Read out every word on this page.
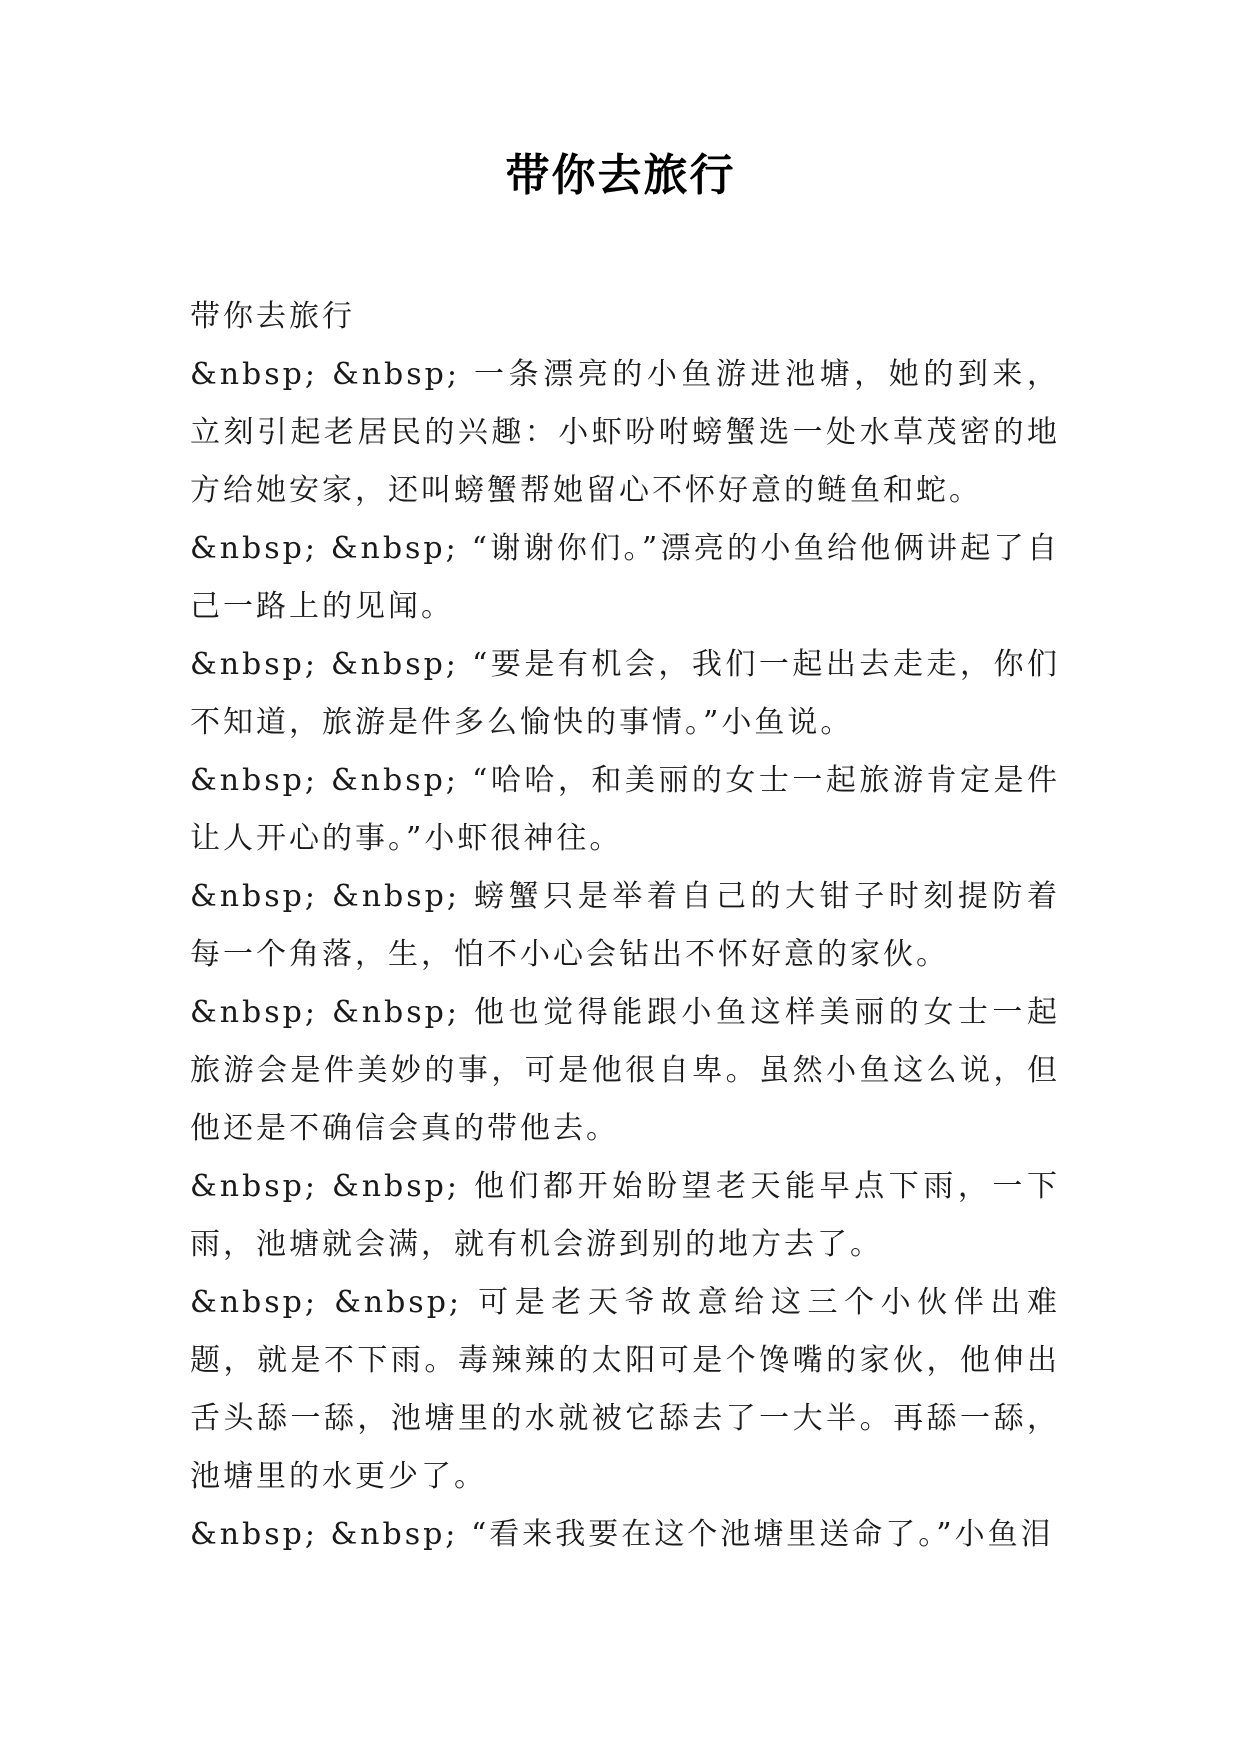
带你去旅行

带你去旅行

&nbsp; &nbsp; 一条漂亮的小鱼游进池塘，她的到来，立刻引起老居民的兴趣：小虾吩咐螃蟹选一处水草茂密的地方给她安家，还叫螃蟹帮她留心不怀好意的鲢鱼和蛇。

&nbsp; &nbsp; “谢谢你们。”漂亮的小鱼给他俩讲起了自己一路上的见闻。

&nbsp; &nbsp; “要是有机会，我们一起出去走走，你们不知道，旅游是件多么愉快的事情。”小鱼说。

&nbsp; &nbsp; “哈哈，和美丽的女士一起旅游肯定是件让人开心的事。”小虾很神往。

&nbsp; &nbsp; 螃蟹只是举着自己的大钳子时刻提防着每一个角落，生，怕不小心会钻出不怀好意的家伙。

&nbsp; &nbsp; 他也觉得能跟小鱼这样美丽的女士一起旅游会是件美妙的事，可是他很自卑。虽然小鱼这么说，但他还是不确信会真的带他去。

&nbsp; &nbsp; 他们都开始盼望老天能早点下雨，一下雨，池塘就会满，就有机会游到别的地方去了。

&nbsp; &nbsp; 可是老天爷故意给这三个小伙伴出难题，就是不下雨。毒辣辣的太阳可是个馋嘴的家伙，他伸出舌头舔一舔，池塘里的水就被它舔去了一大半。再舔一舔，池塘里的水更少了。

&nbsp; &nbsp; “看来我要在这个池塘里送命了。”小鱼泪
